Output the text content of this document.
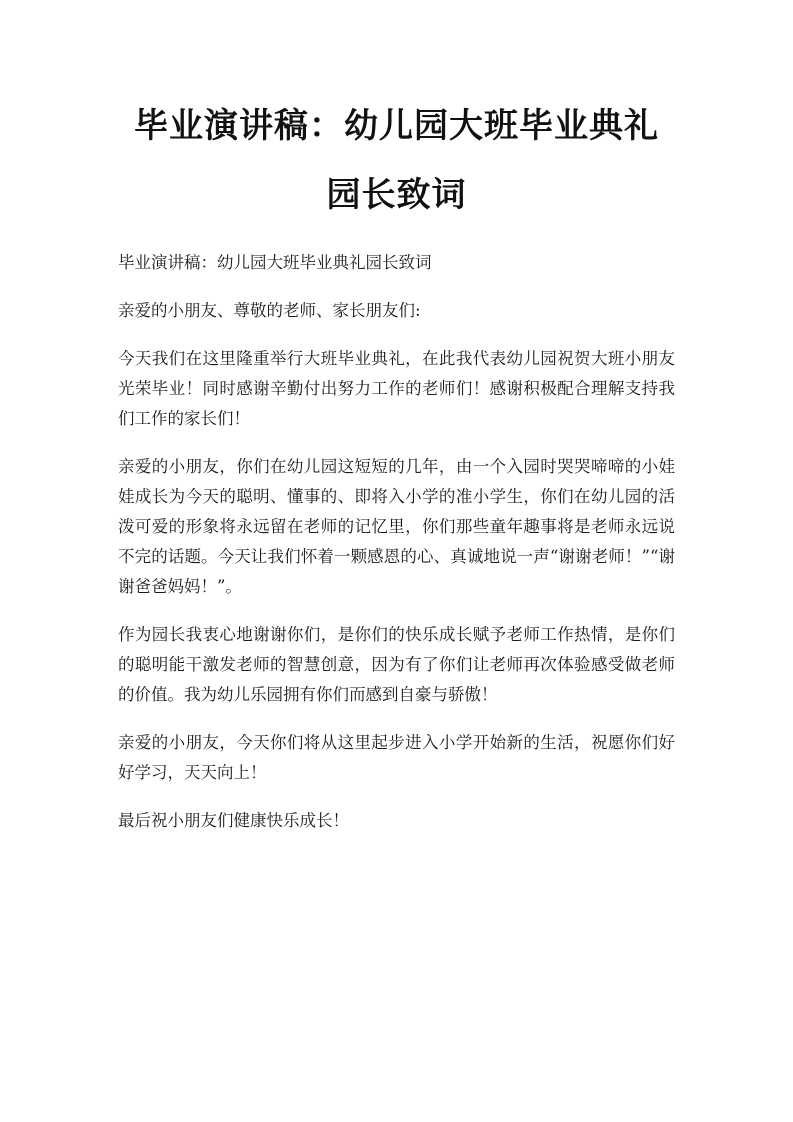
毕业演讲稿：幼儿园大班毕业典礼园长致词

毕业演讲稿：幼儿园大班毕业典礼园长致词

亲爱的小朋友、尊敬的老师、家长朋友们:

今天我们在这里隆重举行大班毕业典礼，在此我代表幼儿园祝贺大班小朋友光荣毕业！同时感谢辛勤付出努力工作的老师们！感谢积极配合理解支持我们工作的家长们！

亲爱的小朋友，你们在幼儿园这短短的几年，由一个入园时哭哭啼啼的小娃娃成长为今天的聪明、懂事的、即将入小学的准小学生，你们在幼儿园的活泼可爱的形象将永远留在老师的记忆里，你们那些童年趣事将是老师永远说不完的话题。今天让我们怀着一颗感恩的心、真诚地说一声“谢谢老师！”“谢谢爸爸妈妈！”。

作为园长我衷心地谢谢你们，是你们的快乐成长赋予老师工作热情，是你们的聪明能干激发老师的智慧创意，因为有了你们让老师再次体验感受做老师的价值。我为幼儿乐园拥有你们而感到自豪与骄傲！

亲爱的小朋友，今天你们将从这里起步进入小学开始新的生活，祝愿你们好好学习，天天向上！

最后祝小朋友们健康快乐成长！
